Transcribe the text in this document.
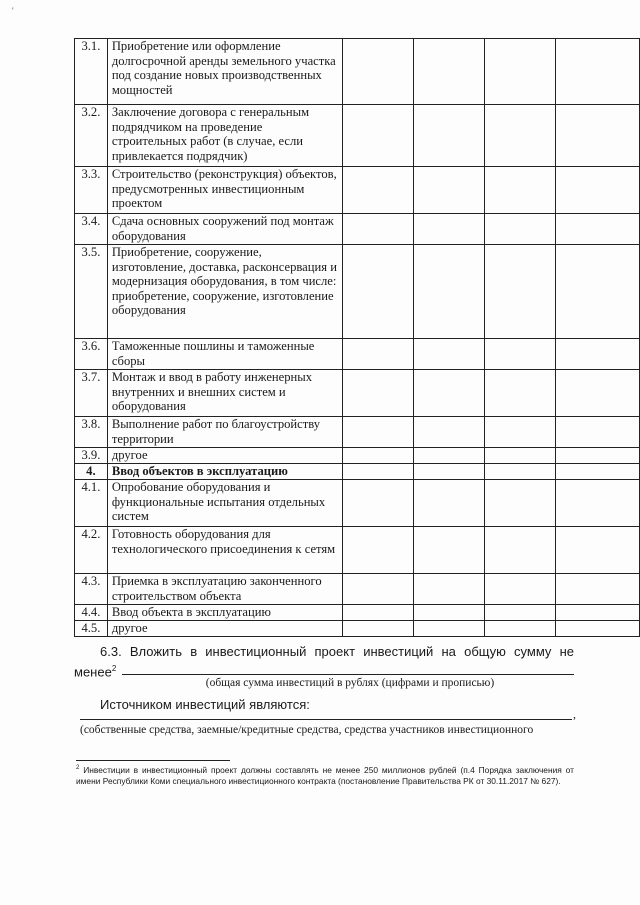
'
3.1.	Приобретение или оформление долгосрочной аренды земельного участка под создание новых производственных мощностей				
3.2.	Заключение договора с генеральным подрядчиком на проведение строительных работ (в случае, если привлекается подрядчик)				
3.3.	Строительство (реконструкция) объектов, предусмотренных инвестиционным проектом				
3.4.	Сдача основных сооружений под монтаж оборудования				
3.5.	Приобретение, сооружение, изготовление, доставка, расконсервация и модернизация оборудования, в том числе: приобретение, сооружение, изготовление оборудования				
3.6.	Таможенные пошлины и таможенные сборы				
3.7.	Монтаж и ввод в работу инженерных внутренних и внешних систем и оборудования				
3.8.	Выполнение работ по благоустройству территории				
3.9.	другое				
4.	Ввод объектов в эксплуатацию				
4.1.	Опробование оборудования и функциональные испытания отдельных систем				
4.2.	Готовность оборудования для технологического присоединения к сетям				
4.3.	Приемка в эксплуатацию законченного строительством объекта				
4.4.	Ввод объекта в эксплуатацию				
4.5.	другое				
6.3. Вложить в инвестиционный проект инвестиций на общую сумму не менее$^2$
(общая сумма инвестиций в рублях (цифрами и прописью)
Источником инвестиций являются:
,
(собственные средства, заемные/кредитные средства, средства участников инвестиционного
$^2$ Инвестиции в инвестиционный проект должны составлять не менее 250 миллионов рублей (п.4 Порядка заключения от имени Республики Коми специального инвестиционного контракта (постановление Правительства РК от 30.11.2017 № 627).
